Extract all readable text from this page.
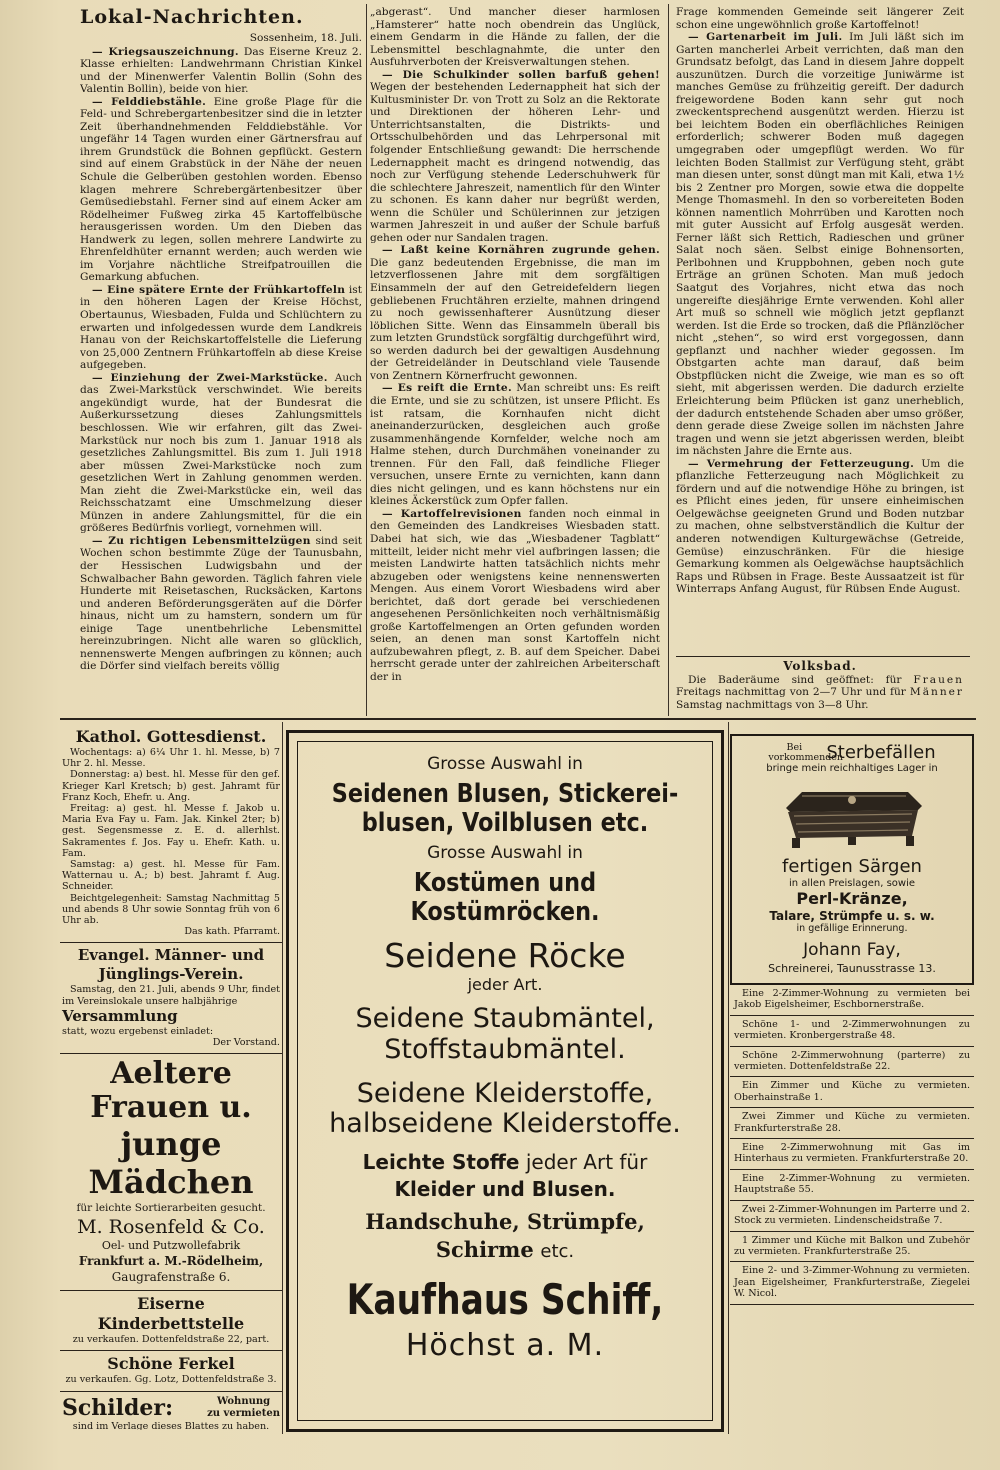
Lokal-Nachrichten.
Sossenheim, 18. Juli.
— Kriegsauszeichnung. Das Eiserne Kreuz 2. Klasse erhielten: Landwehrmann Christian Kinkel und der Minenwerfer Valentin Bollin (Sohn des Valentin Bollin), beide von hier.
— Felddiebstähle. Eine große Plage für die Feld- und Schrebergartenbesitzer sind die in letzter Zeit überhandnehmenden Felddiebstähle. Vor ungefähr 14 Tagen wurden einer Gärtnersfrau auf ihrem Grundstück die Bohnen gepflückt. Gestern sind auf einem Grabstück in der Nähe der neuen Schule die Gelberüben gestohlen worden. Ebenso klagen mehrere Schrebergärtenbesitzer über Gemüsediebstahl. Ferner sind auf einem Acker am Rödelheimer Fußweg zirka 45 Kartoffelbüsche herausgerissen worden. Um den Dieben das Handwerk zu legen, sollen mehrere Landwirte zu Ehrenfeldhüter ernannt werden; auch werden wie im Vorjahre nächtliche Streifpatrouillen die Gemarkung abfuchen.
— Eine spätere Ernte der Frühkartoffeln ist in den höheren Lagen der Kreise Höchst, Obertaunus, Wiesbaden, Fulda und Schlüchtern zu erwarten und infolgedessen wurde dem Landkreis Hanau von der Reichskartoffelstelle die Lieferung von 25,000 Zentnern Frühkartoffeln ab diese Kreise aufgegeben.
— Einziehung der Zwei-Markstücke. Auch das Zwei-Markstück verschwindet. Wie bereits angekündigt wurde, hat der Bundesrat die Außerkurssetzung dieses Zahlungsmittels beschlossen. Wie wir erfahren, gilt das Zwei-Markstück nur noch bis zum 1. Januar 1918 als gesetzliches Zahlungsmittel. Bis zum 1. Juli 1918 aber müssen Zwei-Markstücke noch zum gesetzlichen Wert in Zahlung genommen werden. Man zieht die Zwei-Markstücke ein, weil das Reichsschatzamt eine Umschmelzung dieser Münzen in andere Zahlungsmittel, für die ein größeres Bedürfnis vorliegt, vornehmen will.
— Zu richtigen Lebensmittelzügen sind seit Wochen schon bestimmte Züge der Taunusbahn, der Hessischen Ludwigsbahn und der Schwalbacher Bahn geworden. Täglich fahren viele Hunderte mit Reisetaschen, Rucksäcken, Kartons und anderen Beförderungsgeräten auf die Dörfer hinaus, nicht um zu hamstern, sondern um für einige Tage unentbehrliche Lebensmittel hereinzubringen. Nicht alle waren so glücklich, nennenswerte Mengen aufbringen zu können; auch die Dörfer sind vielfach bereits völlig
„abgerast“. Und mancher dieser harmlosen „Hamsterer“ hatte noch obendrein das Unglück, einem Gendarm in die Hände zu fallen, der die Lebensmittel beschlagnahmte, die unter den Ausfuhrverboten der Kreisverwaltungen stehen.
— Die Schulkinder sollen barfuß gehen! Wegen der bestehenden Ledernappheit hat sich der Kultusminister Dr. von Trott zu Solz an die Rektorate und Direktionen der höheren Lehr- und Unterrichtsanstalten, die Distrikts- und Ortsschulbehörden und das Lehrpersonal mit folgender Entschließung gewandt: Die herrschende Ledernappheit macht es dringend notwendig, das noch zur Verfügung stehende Lederschuhwerk für die schlechtere Jahreszeit, namentlich für den Winter zu schonen. Es kann daher nur begrüßt werden, wenn die Schüler und Schülerinnen zur jetzigen warmen Jahreszeit in und außer der Schule barfuß gehen oder nur Sandalen tragen.
— Laßt keine Kornähren zugrunde gehen. Die ganz bedeutenden Ergebnisse, die man im letzverflossenen Jahre mit dem sorgfältigen Einsammeln der auf den Getreidefeldern liegen gebliebenen Fruchtähren erzielte, mahnen dringend zu noch gewissenhafterer Ausnützung dieser löblichen Sitte. Wenn das Einsammeln überall bis zum letzten Grundstück sorgfältig durchgeführt wird, so werden dadurch bei der gewaltigen Ausdehnung der Getreideländer in Deutschland viele Tausende von Zentnern Körnerfrucht gewonnen.
— Es reift die Ernte. Man schreibt uns: Es reift die Ernte, und sie zu schützen, ist unsere Pflicht. Es ist ratsam, die Kornhaufen nicht dicht aneinanderzurücken, desgleichen auch große zusammenhängende Kornfelder, welche noch am Halme stehen, durch Durchmähen voneinander zu trennen. Für den Fall, daß feindliche Flieger versuchen, unsere Ernte zu vernichten, kann dann dies nicht gelingen, und es kann höchstens nur ein kleines Äckerstück zum Opfer fallen.
— Kartoffelrevisionen fanden noch einmal in den Gemeinden des Landkreises Wiesbaden statt. Dabei hat sich, wie das „Wiesbadener Tagblatt“ mitteilt, leider nicht mehr viel aufbringen lassen; die meisten Landwirte hatten tatsächlich nichts mehr abzugeben oder wenigstens keine nennenswerten Mengen. Aus einem Vorort Wiesbadens wird aber berichtet, daß dort gerade bei verschiedenen angesehenen Persönlichkeiten noch verhältnismäßig große Kartoffelmengen an Orten gefunden worden seien, an denen man sonst Kartoffeln nicht aufzubewahren pflegt, z. B. auf dem Speicher. Dabei herrscht gerade unter der zahlreichen Arbeiterschaft der in
Frage kommenden Gemeinde seit längerer Zeit schon eine ungewöhnlich große Kartoffelnot!
— Gartenarbeit im Juli. Im Juli läßt sich im Garten mancherlei Arbeit verrichten, daß man den Grundsatz befolgt, das Land in diesem Jahre doppelt auszunützen. Durch die vorzeitige Juniwärme ist manches Gemüse zu frühzeitig gereift. Der dadurch freigewordene Boden kann sehr gut noch zweckentsprechend ausgenützt werden. Hierzu ist bei leichtem Boden ein oberflächliches Reinigen erforderlich; schwerer Boden muß dagegen umgegraben oder umgepflügt werden. Wo für leichten Boden Stallmist zur Verfügung steht, gräbt man diesen unter, sonst düngt man mit Kali, etwa 1½ bis 2 Zentner pro Morgen, sowie etwa die doppelte Menge Thomasmehl. In den so vorbereiteten Boden können namentlich Mohrrüben und Karotten noch mit guter Aussicht auf Erfolg ausgesät werden. Ferner läßt sich Rettich, Radieschen und grüner Salat noch säen. Selbst einige Bohnensorten, Perlbohnen und Kruppbohnen, geben noch gute Erträge an grünen Schoten. Man muß jedoch Saatgut des Vorjahres, nicht etwa das noch ungereifte diesjährige Ernte verwenden. Kohl aller Art muß so schnell wie möglich jetzt gepflanzt werden. Ist die Erde so trocken, daß die Pflänzlöcher nicht „stehen“, so wird erst vorgegossen, dann gepflanzt und nachher wieder gegossen. Im Obstgarten achte man darauf, daß beim Obstpflücken nicht die Zweige, wie man es so oft sieht, mit abgerissen werden. Die dadurch erzielte Erleichterung beim Pflücken ist ganz unerheblich, der dadurch entstehende Schaden aber umso größer, denn gerade diese Zweige sollen im nächsten Jahre tragen und wenn sie jetzt abgerissen werden, bleibt im nächsten Jahre die Ernte aus.
— Vermehrung der Fetterzeugung. Um die pflanzliche Fetterzeugung nach Möglichkeit zu fördern und auf die notwendige Höhe zu bringen, ist es Pflicht eines jeden, für unsere einheimischen Oelgewächse geeigneten Grund und Boden nutzbar zu machen, ohne selbstverständlich die Kultur der anderen notwendigen Kulturgewächse (Getreide, Gemüse) einzuschränken. Für die hiesige Gemarkung kommen als Oelgewächse hauptsächlich Raps und Rübsen in Frage. Beste Aussaatzeit ist für Winterraps Anfang August, für Rübsen Ende August.
Volksbad.
Die Baderäume sind geöffnet: für Frauen Freitags nachmittag von 2—7 Uhr und für Männer Samstag nachmittags von 3—8 Uhr.
Kathol. Gottesdienst.
Wochentags: a) 6¼ Uhr 1. hl. Messe, b) 7 Uhr 2. hl. Messe.
Donnerstag: a) best. hl. Messe für den gef. Krieger Karl Kretsch; b) gest. Jahramt für Franz Koch, Ehefr. u. Ang.
Freitag: a) gest. hl. Messe f. Jakob u. Maria Eva Fay u. Fam. Jak. Kinkel 2ter; b) gest. Segensmesse z. E. d. allerhlst. Sakramentes f. Jos. Fay u. Ehefr. Kath. u. Fam.
Samstag: a) gest. hl. Messe für Fam. Watternau u. A.; b) best. Jahramt f. Aug. Schneider.
Beichtgelegenheit: Samstag Nachmittag 5 und abends 8 Uhr sowie Sonntag früh von 6 Uhr ab.
Das kath. Pfarramt.
Evangel. Männer- und Jünglings-Verein.
Samstag, den 21. Juli, abends 9 Uhr, findet im Vereinslokale unsere halbjährige
Versammlung
statt, wozu ergebenst einladet:
Der Vorstand.
Aeltere Frauen u.
junge Mädchen
für leichte Sortierarbeiten gesucht.
M. Rosenfeld & Co.
Oel- und Putzwollefabrik
Frankfurt a. M.-Rödelheim,
Gaugrafenstraße 6.
Eiserne Kinderbettstelle
zu verkaufen. Dottenfeldstraße 22, part.
Schöne Ferkel
zu verkaufen. Gg. Lotz, Dottenfeldstraße 3.
Schilder:	Wohnung
zu vermieten
sind im Verlage dieses Blattes zu haben.
Grosse Auswahl in
Seidenen Blusen, Stickerei-
blusen, Voilblusen etc.
Grosse Auswahl in
Kostümen und Kostümröcken.
Seidene Röcke
jeder Art.
Seidene Staubmäntel,
Stoffstaubmäntel.
Seidene Kleiderstoffe,
halbseidene Kleiderstoffe.
Leichte Stoffe jeder Art für
Kleider und Blusen.
Handschuhe, Strümpfe,
Schirme etc.
Kaufhaus Schiff,
Höchst a. M.
Bei vorkommenden
Sterbefällen
bringe mein reichhaltiges Lager in
fertigen Särgen
in allen Preislagen, sowie
Perl-Kränze,
Talare, Strümpfe u. s. w.
in gefällige Erinnerung.
Johann Fay,
Schreinerei, Taunusstrasse 13.
Eine 2-Zimmer-Wohnung zu vermieten bei Jakob Eigelsheimer, Eschbornerstraße.
Schöne 1- und 2-Zimmerwohnungen zu vermieten. Kronbergerstraße 48.
Schöne 2-Zimmerwohnung (parterre) zu vermieten. Dottenfeldstraße 22.
Ein Zimmer und Küche zu vermieten. Oberhainstraße 1.
Zwei Zimmer und Küche zu vermieten. Frankfurterstraße 28.
Eine 2-Zimmerwohnung mit Gas im Hinterhaus zu vermieten. Frankfurterstraße 20.
Eine 2-Zimmer-Wohnung zu vermieten. Hauptstraße 55.
Zwei 2-Zimmer-Wohnungen im Parterre und 2. Stock zu vermieten. Lindenscheidstraße 7.
1 Zimmer und Küche mit Balkon und Zubehör zu vermieten. Frankfurterstraße 25.
Eine 2- und 3-Zimmer-Wohnung zu vermieten. Jean Eigelsheimer, Frankfurterstraße, Ziegelei W. Nicol.
